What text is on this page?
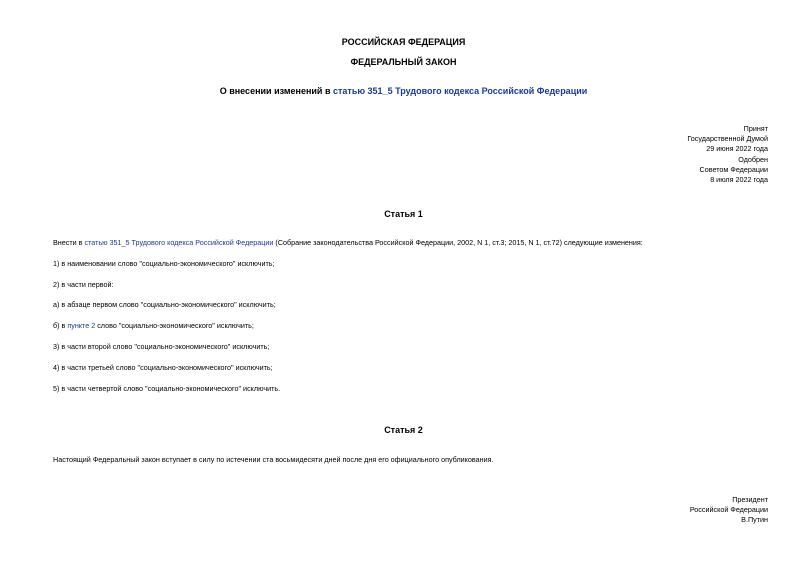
РОССИЙСКАЯ ФЕДЕРАЦИЯ
ФЕДЕРАЛЬНЫЙ ЗАКОН
О внесении изменений в статью 351_5 Трудового кодекса Российской Федерации
Принят
Государственной Думой
29 июня 2022 года
Одобрен
Советом Федерации
8 июля 2022 года
Статья 1
Внести в статью 351_5 Трудового кодекса Российской Федерации (Собрание законодательства Российской Федерации, 2002, N 1, ст.3; 2015, N 1, ст.72) следующие изменения:
1) в наименовании слово "социально-экономического" исключить;
2) в части первой:
а) в абзаце первом слово "социально-экономического" исключить;
б) в пункте 2 слово "социально-экономического" исключить;
3) в части второй слово "социально-экономического" исключить;
4) в части третьей слово "социально-экономического" исключить;
5) в части четвертой слово "социально-экономического" исключить.
Статья 2
Настоящий Федеральный закон вступает в силу по истечении ста восьмидесяти дней после дня его официального опубликования.
Президент
Российской Федерации
В.Путин
